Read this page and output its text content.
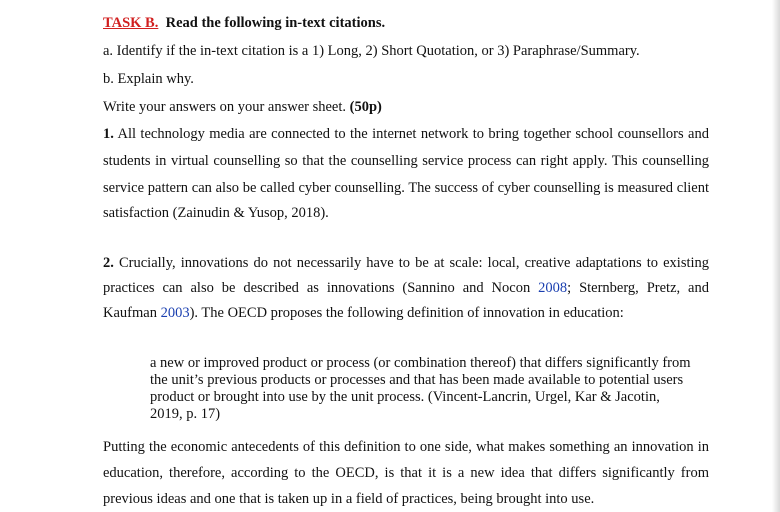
TASK B. Read the following in-text citations.
a. Identify if the in-text citation is a 1) Long, 2) Short Quotation, or 3) Paraphrase/Summary.
b. Explain why.
Write your answers on your answer sheet. (50p)
1. All technology media are connected to the internet network to bring together school counsellors and
students in virtual counselling so that the counselling service process can right apply. This counselling
service pattern can also be called cyber counselling. The success of cyber counselling is measured client
satisfaction (Zainudin & Yusop, 2018).
2. Crucially, innovations do not necessarily have to be at scale: local, creative adaptations to existing
practices can also be described as innovations (Sannino and Nocon 2008; Sternberg, Pretz, and
Kaufman 2003). The OECD proposes the following definition of innovation in education:
a new or improved product or process (or combination thereof) that differs significantly from
the unit’s previous products or processes and that has been made available to potential users
product or brought into use by the unit process. (Vincent-Lancrin, Urgel, Kar & Jacotin,
2019, p. 17)
Putting the economic antecedents of this definition to one side, what makes something an innovation in
education, therefore, according to the OECD, is that it is a new idea that differs significantly from
previous ideas and one that is taken up in a field of practices, being brought into use.
